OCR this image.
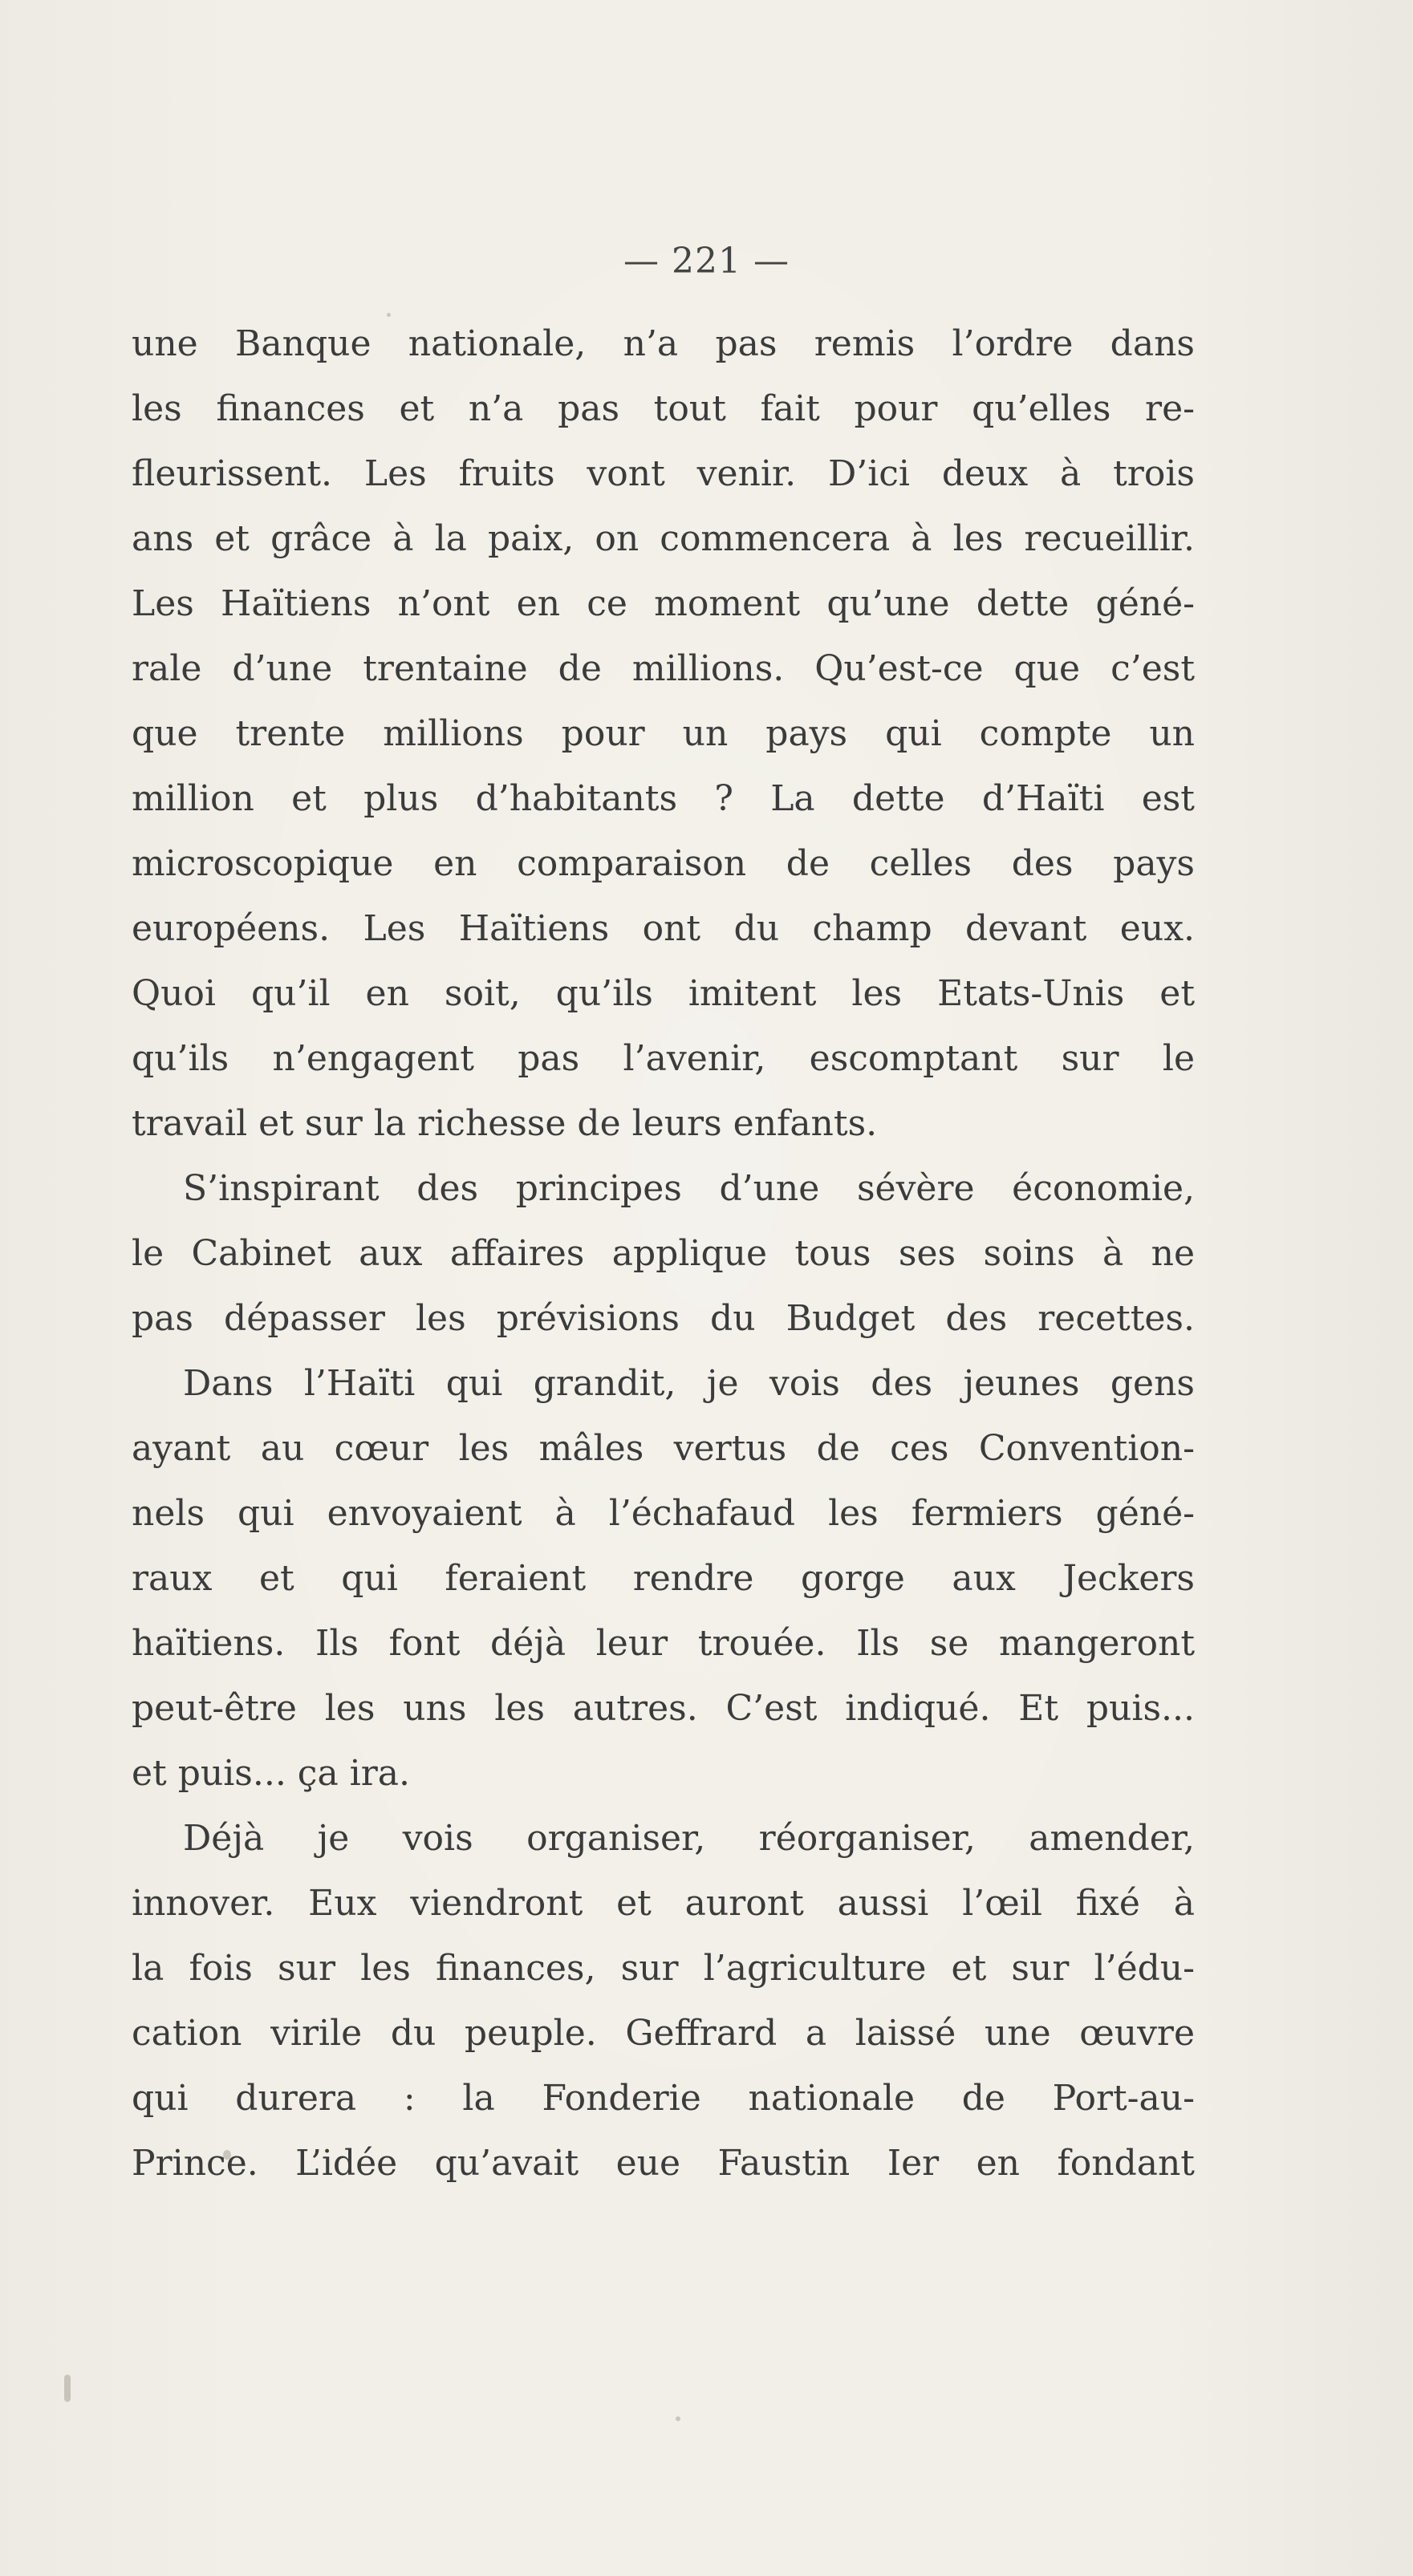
— 221 —
une Banque nationale, n’a pas remis l’ordre dans
les finances et n’a pas tout fait pour qu’elles re-
fleurissent. Les fruits vont venir. D’ici deux à trois
ans et grâce à la paix, on commencera à les recueillir.
Les Haïtiens n’ont en ce moment qu’une dette géné-
rale d’une trentaine de millions. Qu’est-ce que c’est
que trente millions pour un pays qui compte un
million et plus d’habitants ? La dette d’Haïti est
microscopique en comparaison de celles des pays
européens. Les Haïtiens ont du champ devant eux.
Quoi qu’il en soit, qu’ils imitent les Etats-Unis et
qu’ils n’engagent pas l’avenir, escomptant sur le
travail et sur la richesse de leurs enfants.
S’inspirant des principes d’une sévère économie,
le Cabinet aux affaires applique tous ses soins à ne
pas dépasser les prévisions du Budget des recettes.
Dans l’Haïti qui grandit, je vois des jeunes gens
ayant au cœur les mâles vertus de ces Convention-
nels qui envoyaient à l’échafaud les fermiers géné-
raux et qui feraient rendre gorge aux Jeckers
haïtiens. Ils font déjà leur trouée. Ils se mangeront
peut-être les uns les autres. C’est indiqué. Et puis...
et puis... ça ira.
Déjà je vois organiser, réorganiser, amender,
innover. Eux viendront et auront aussi l’œil fixé à
la fois sur les finances, sur l’agriculture et sur l’édu-
cation virile du peuple. Geffrard a laissé une œuvre
qui durera : la Fonderie nationale de Port-au-
Prince. L’idée qu’avait eue Faustin Ier en fondant
